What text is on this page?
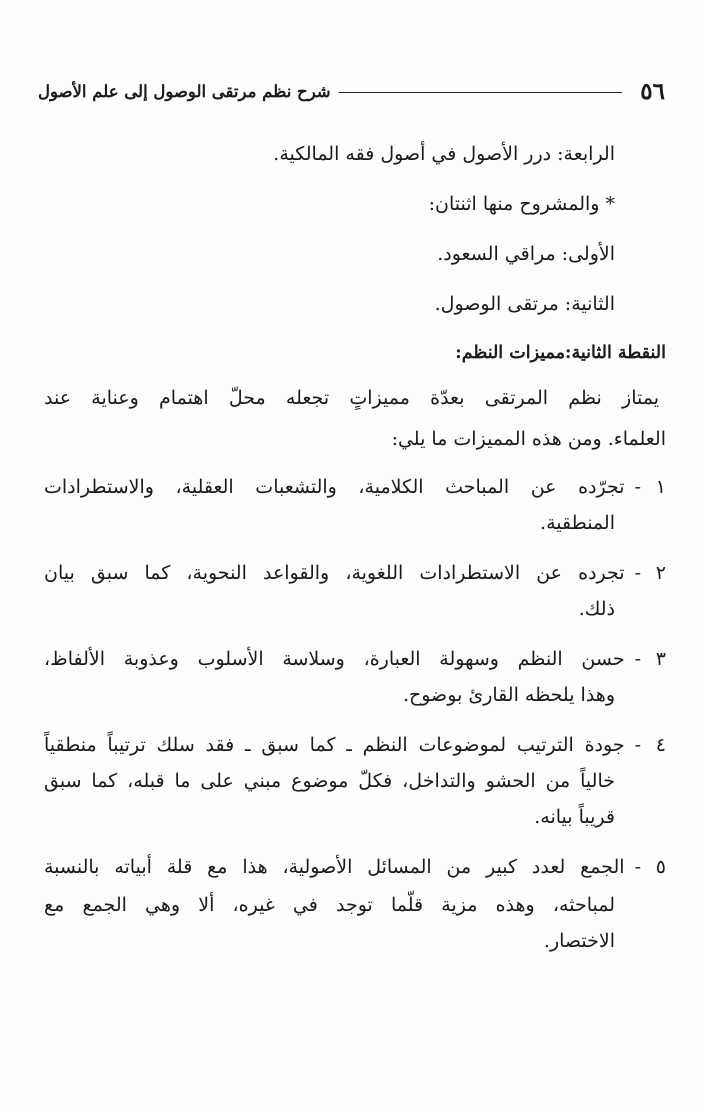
٥٦
شرح نظم مرتقى الوصول إلى علم الأصول
الرابعة: درر الأصول في أصول فقه المالكية.
* والمشروح منها اثنتان:
الأولى: مراقي السعود.
الثانية: مرتقى الوصول.
النقطة الثانية:مميزات النظم:
يمتاز نظم المرتقى بعدّة مميزاتٍ تجعله محلّ اهتمام وعناية عند
العلماء. ومن هذه المميزات ما يلي:
١
-تجرّده عن المباحث الكلامية، والتشعبات العقلية، والاستطرادات
المنطقية.
٢
-تجرده عن الاستطرادات اللغوية، والقواعد النحوية، كما سبق بيان
ذلك.
٣
-حسن النظم وسهولة العبارة، وسلاسة الأسلوب وعذوبة الألفاظ،
وهذا يلحظه القارئ بوضوح.
٤
-جودة الترتيب لموضوعات النظم ـ كما سبق ـ فقد سلك ترتيباً منطقياً
خالياً من الحشو والتداخل، فكلّ موضوع مبني على ما قبله، كما سبق
قريباً بيانه.
٥
-الجمع لعدد كبير من المسائل الأصولية، هذا مع قلة أبياته بالنسبة
لمباحثه، وهذه مزية قلّما توجد في غيره، ألا وهي الجمع مع
الاختصار.
